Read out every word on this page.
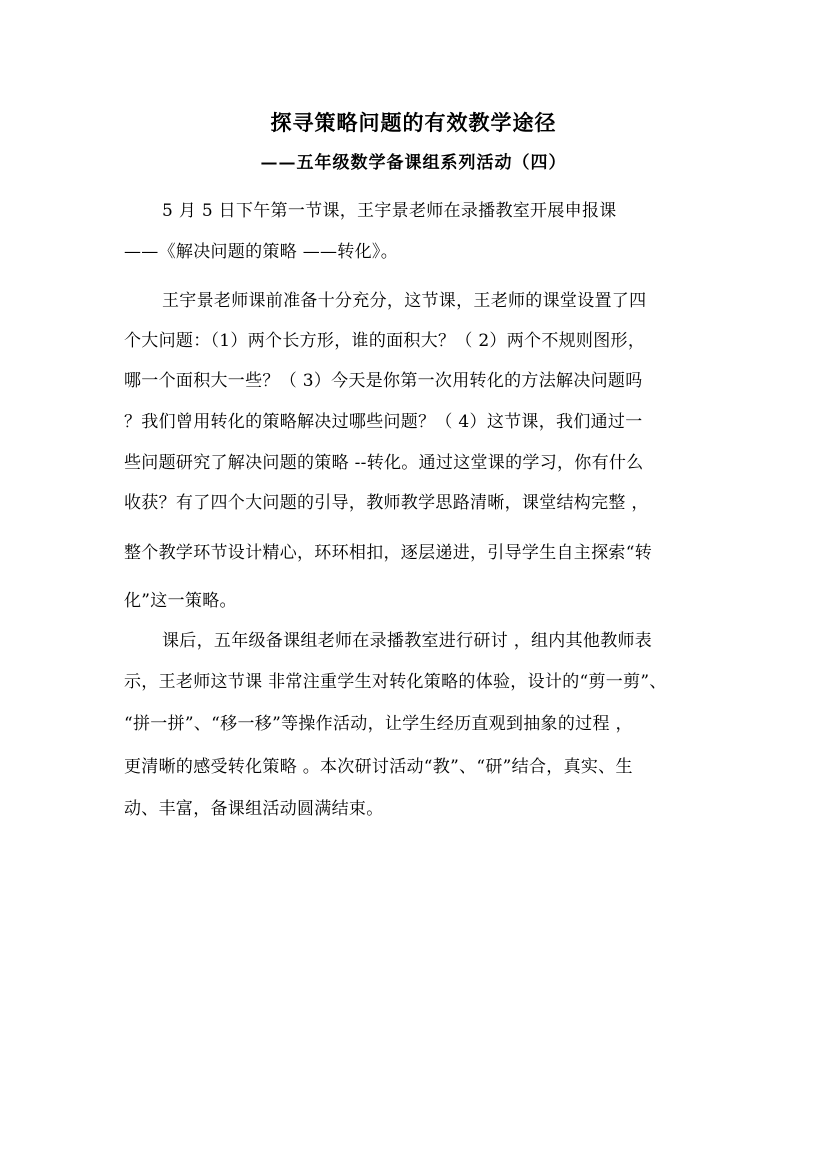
探寻策略问题的有效教学途径
——五年级数学备课组系列活动（四）
5 月 5 日下午第一节课，王宇景老师在录播教室开展申报课
——《解决问题的策略 ——转化》。
王宇景老师课前准备十分充分，这节课，王老师的课堂设置了四
个大问题：（1）两个长方形，谁的面积大？（ 2）两个不规则图形，
哪一个面积大一些？（ 3）今天是你第一次用转化的方法解决问题吗
？我们曾用转化的策略解决过哪些问题？（ 4）这节课，我们通过一
些问题研究了解决问题的策略 --转化。通过这堂课的学习，你有什么
收获？有了四个大问题的引导，教师教学思路清晰，课堂结构完整 ，
整个教学环节设计精心，环环相扣，逐层递进，引导学生自主探索“转
化”这一策略。
课后，五年级备课组老师在录播教室进行研讨 ，组内其他教师表
示，王老师这节课 非常注重学生对转化策略的体验，设计的“剪一剪”、
“拼一拼”、“移一移”等操作活动，让学生经历直观到抽象的过程 ，
更清晰的感受转化策略 。本次研讨活动“教”、“研”结合，真实、生
动、丰富，备课组活动圆满结束。
